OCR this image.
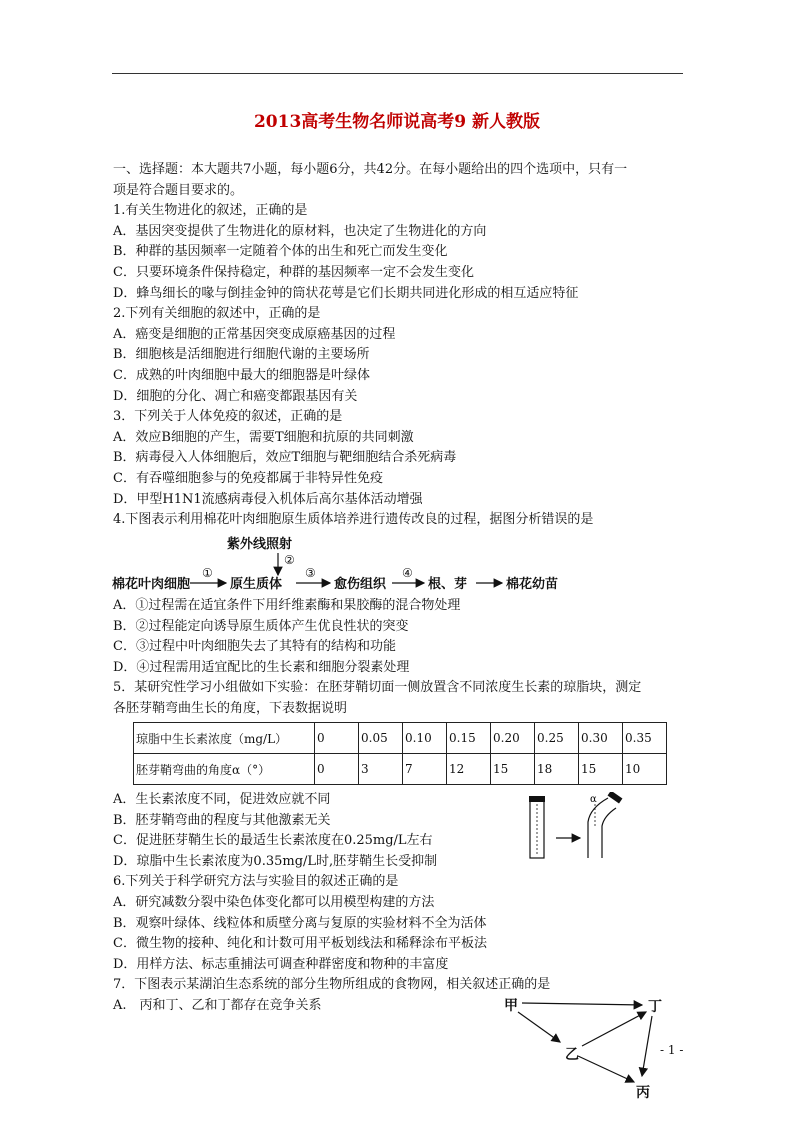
2013高考生物名师说高考9 新人教版
一、选择题：本大题共7小题，每小题6分，共42分。在每小题给出的四个选项中，只有一
项是符合题目要求的。
1.有关生物进化的叙述，正确的是
A．基因突变提供了生物进化的原材料，也决定了生物进化的方向
B．种群的基因频率一定随着个体的出生和死亡而发生变化
C．只要环境条件保持稳定，种群的基因频率一定不会发生变化
D．蜂鸟细长的喙与倒挂金钟的筒状花萼是它们长期共同进化形成的相互适应特征
2.下列有关细胞的叙述中，正确的是
A．癌变是细胞的正常基因突变成原癌基因的过程
B．细胞核是活细胞进行细胞代谢的主要场所
C．成熟的叶肉细胞中最大的细胞器是叶绿体
D．细胞的分化、凋亡和癌变都跟基因有关
3．下列关于人体免疫的叙述，正确的是
A．效应B细胞的产生，需要T细胞和抗原的共同刺激
B．病毒侵入人体细胞后，效应T细胞与靶细胞结合杀死病毒
C．有吞噬细胞参与的免疫都属于非特异性免疫
D．甲型H1N1流感病毒侵入机体后高尔基体活动增强
4.下图表示利用棉花叶肉细胞原生质体培养进行遗传改良的过程，据图分析错误的是
紫外线照射
棉花叶肉细胞	原生质体	愈伤组织	根、芽	棉花幼苗
①
②
③	④
A．①过程需在适宜条件下用纤维素酶和果胶酶的混合物处理
B．②过程能定向诱导原生质体产生优良性状的突变
C．③过程中叶肉细胞失去了其特有的结构和功能
D．④过程需用适宜配比的生长素和细胞分裂素处理
5．某研究性学习小组做如下实验：在胚芽鞘切面一侧放置含不同浓度生长素的琼脂块，测定
各胚芽鞘弯曲生长的角度，下表数据说明
琼脂中生长素浓度（mg/L）	0	0.05	0.10	0.15	0.20	0.25	0.30	0.35
胚芽鞘弯曲的角度α（°）	0	3	7	12	15	18	15	10
α
A．生长素浓度不同，促进效应就不同
B．胚芽鞘弯曲的程度与其他激素无关
C．促进胚芽鞘生长的最适生长素浓度在0.25mg/L左右
D．琼脂中生长素浓度为0.35mg/L时,胚芽鞘生长受抑制
6.下列关于科学研究方法与实验目的叙述正确的是
A．研究减数分裂中染色体变化都可以用模型构建的方法
B．观察叶绿体、线粒体和质壁分离与复原的实验材料不全为活体
C．微生物的接种、纯化和计数可用平板划线法和稀释涂布平板法
D．用样方法、标志重捕法可调查种群密度和物种的丰富度
7．下图表示某湖泊生态系统的部分生物所组成的食物网，相关叙述正确的是
A.　丙和丁、乙和丁都存在竞争关系	甲
乙
丙
丁
- 1 -
